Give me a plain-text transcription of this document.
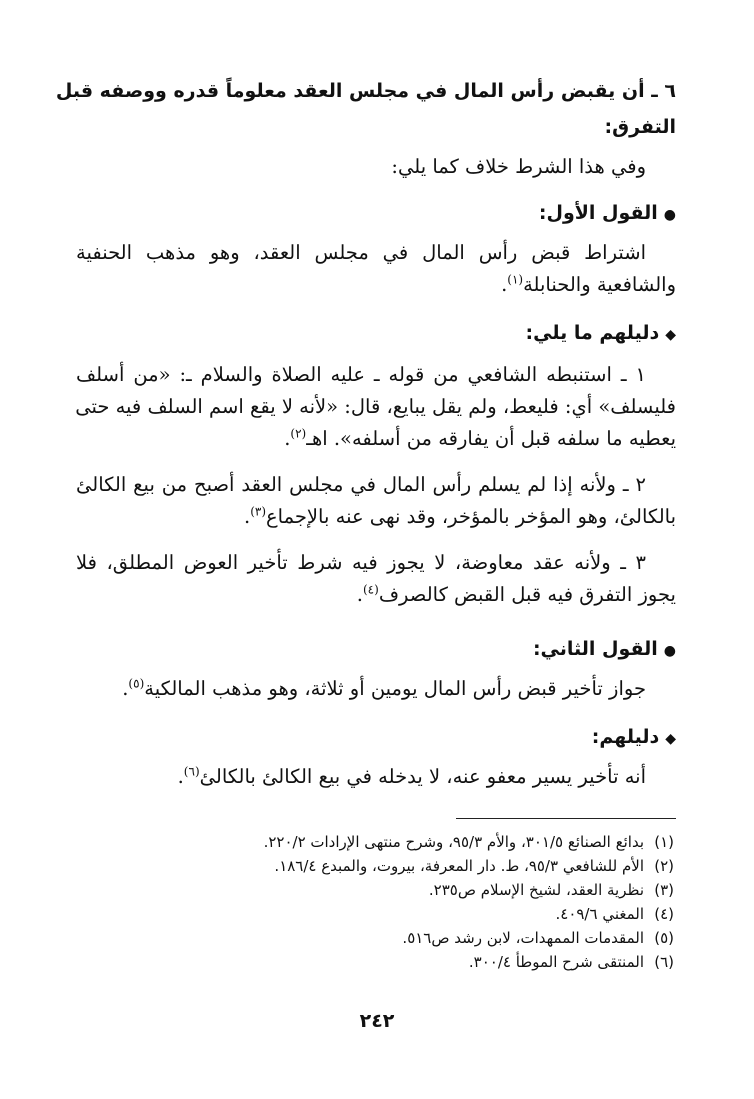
٦ ـ أن يقبض رأس المال في مجلس العقد معلوماً قدره ووصفه قبل
التفرق:
وفي هذا الشرط خلاف كما يلي:
●القول الأول:
اشتراط قبض رأس المال في مجلس العقد، وهو مذهب الحنفية
والشافعية والحنابلة$^{(١)}$.
◆دليلهم ما يلي:
١ ـ استنبطه الشافعي من قوله ـ عليه الصلاة والسلام ـ: «من أسلف
فليسلف» أي: فليعط، ولم يقل يبايع، قال: «لأنه لا يقع اسم السلف فيه حتى
يعطيه ما سلفه قبل أن يفارقه من أسلفه». اهـ$^{(٢)}$.
٢ ـ ولأنه إذا لم يسلم رأس المال في مجلس العقد أصبح من بيع الكالئ
بالكالئ، وهو المؤخر بالمؤخر، وقد نهى عنه بالإجماع$^{(٣)}$.
٣ ـ ولأنه عقد معاوضة، لا يجوز فيه شرط تأخير العوض المطلق، فلا
يجوز التفرق فيه قبل القبض كالصرف$^{(٤)}$.
●القول الثاني:
جواز تأخير قبض رأس المال يومين أو ثلاثة، وهو مذهب المالكية$^{(٥)}$.
◆دليلهم:
أنه تأخير يسير معفو عنه، لا يدخله في بيع الكالئ بالكالئ$^{(٦)}$.
(١)بدائع الصنائع ٣٠١/٥، والأم ٩٥/٣، وشرح منتهى الإرادات ٢٢٠/٢.
(٢)الأم للشافعي ٩٥/٣، ط. دار المعرفة، بيروت، والمبدع ١٨٦/٤.
(٣)نظرية العقد، لشيخ الإسلام ص٢٣٥.
(٤)المغني ٤٠٩/٦.
(٥)المقدمات الممهدات، لابن رشد ص٥١٦.
(٦)المنتقى شرح الموطأ ٣٠٠/٤.
٢٤٢
